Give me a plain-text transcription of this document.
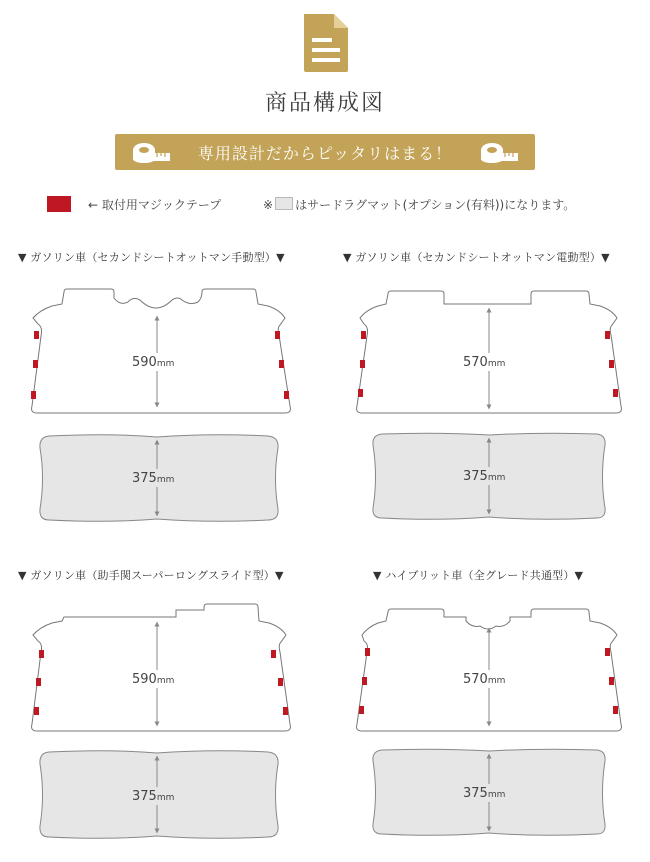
商品構成図
専用設計だからピッタリはまる！
← 取付用マジックテープ	※ はサードラグマット(オプション(有料))になります。
▼ ガソリン車（セカンドシートオットマン手動型）▼	▼ ガソリン車（セカンドシートオットマン電動型）▼
▼ ガソリン車（助手関スーパーロングスライド型）▼	▼ ハイブリット車（全グレード共通型）▼
590mm
375mm
570mm
375mm
590mm
375mm
570mm
375mm
